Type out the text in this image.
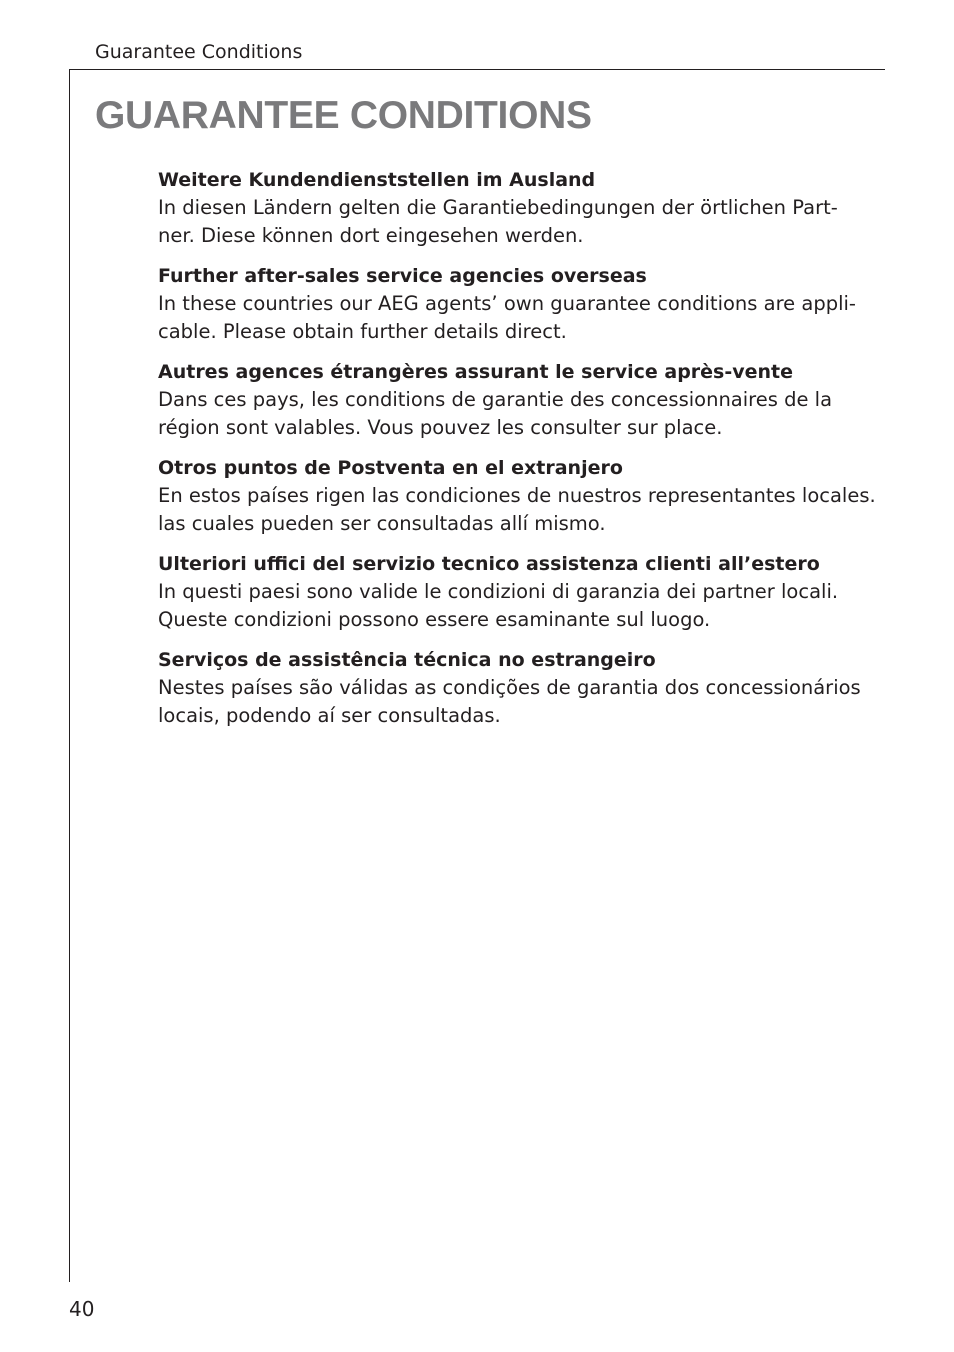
Guarantee Conditions
GUARANTEE CONDITIONS
Weitere Kundendienststellen im Ausland

In diesen Ländern gelten die Garantiebedingungen der örtlichen Part-
ner. Diese können dort eingesehen werden.

Further after-sales service agencies overseas

In these countries our AEG agents’ own guarantee conditions are appli-
cable. Please obtain further details direct.

Autres agences étrangères assurant le service après-vente

Dans ces pays, les conditions de garantie des concessionnaires de la
région sont valables. Vous pouvez les consulter sur place.

Otros puntos de Postventa en el extranjero

En estos países rigen las condiciones de nuestros representantes locales.
las cuales pueden ser consultadas allí mismo.

Ulteriori uffici del servizio tecnico assistenza clienti all’estero

In questi paesi sono valide le condizioni di garanzia dei partner locali.
Queste condizioni possono essere esaminante sul luogo.

Serviços de assistência técnica no estrangeiro

Nestes países são válidas as condições de garantia dos concessionários
locais, podendo aí ser consultadas.

40
